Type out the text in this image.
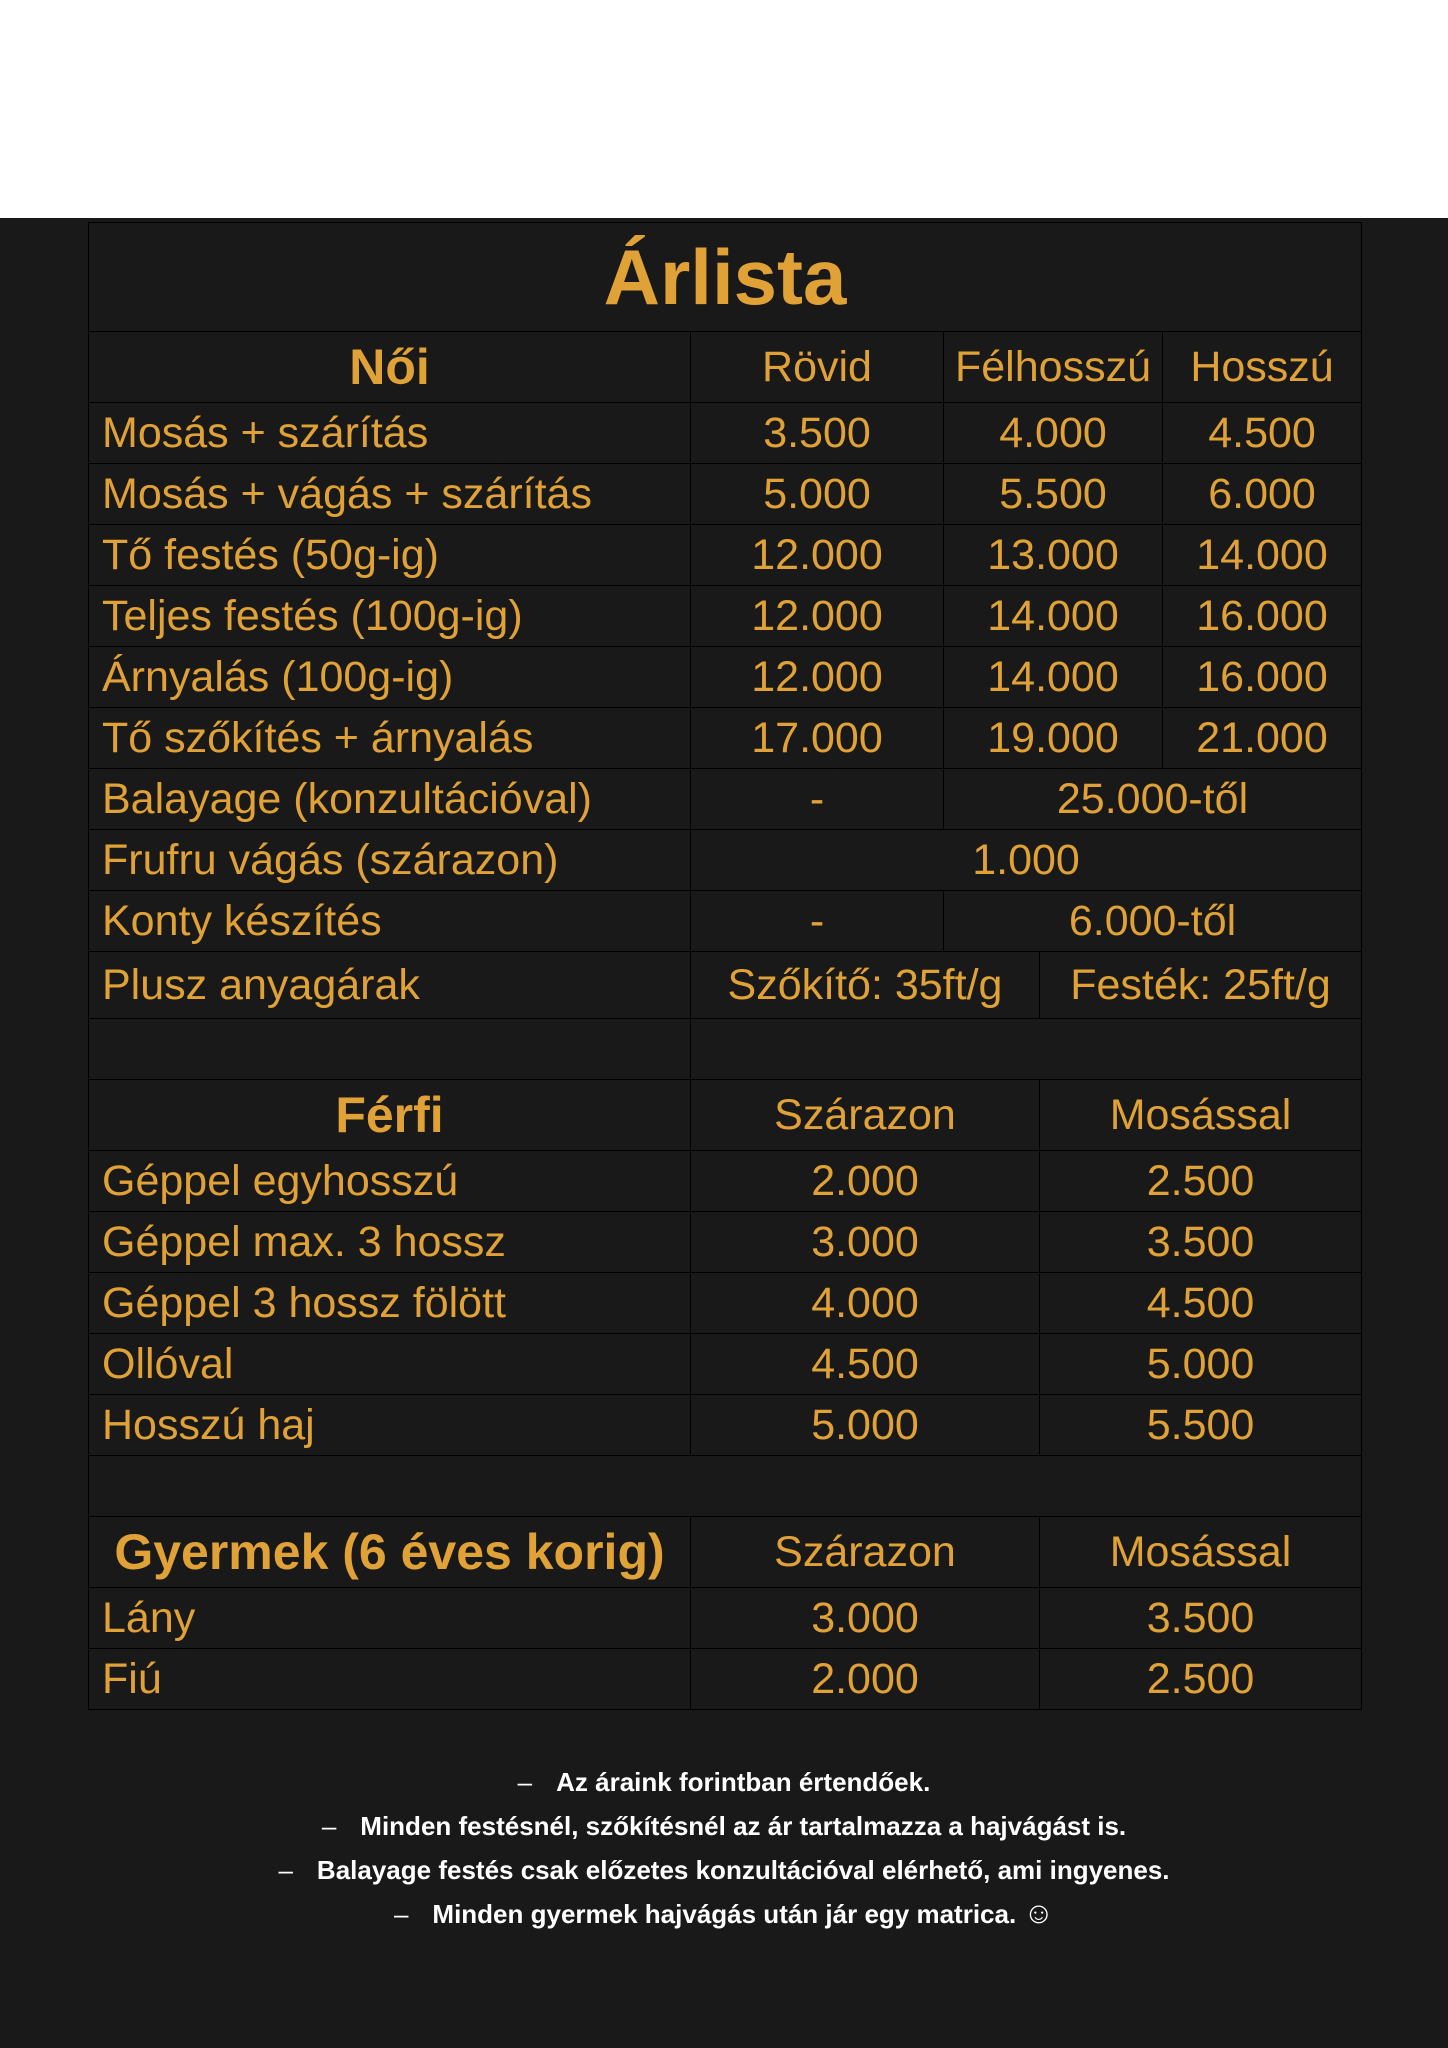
Árlista				
Női	Rövid	Félhosszú		Hosszú
Mosás + szárítás	3.500	4.000		4.500
Mosás + vágás + szárítás	5.000	5.500		6.000
Tő festés (50g-ig)	12.000	13.000		14.000
Teljes festés (100g-ig)	12.000	14.000		16.000
Árnyalás (100g-ig)	12.000	14.000		16.000
Tő szőkítés + árnyalás	17.000	19.000		21.000
Balayage (konzultációval)	-	25.000-től		
Frufru vágás (szárazon)	1.000			
Konty készítés	-	6.000-től		
Plusz anyagárak	Szőkítő: 35ft/g		Festék: 25ft/g	

Férfi	Szárazon		Mosással	
Géppel egyhosszú	2.000		2.500	
Géppel max. 3 hossz	3.000		3.500	
Géppel 3 hossz fölött	4.000		4.500	
Ollóval	4.500		5.000	
Hosszú haj	5.000		5.500	

Gyermek (6 éves korig)	Szárazon		Mosással	
Lány	3.000		3.500	
Fiú	2.000		2.500	
– Az áraink forintban értendőek.
– Minden festésnél, szőkítésnél az ár tartalmazza a hajvágást is.
– Balayage festés csak előzetes konzultációval elérhető, ami ingyenes.
– Minden gyermek hajvágás után jár egy matrica. ☺
